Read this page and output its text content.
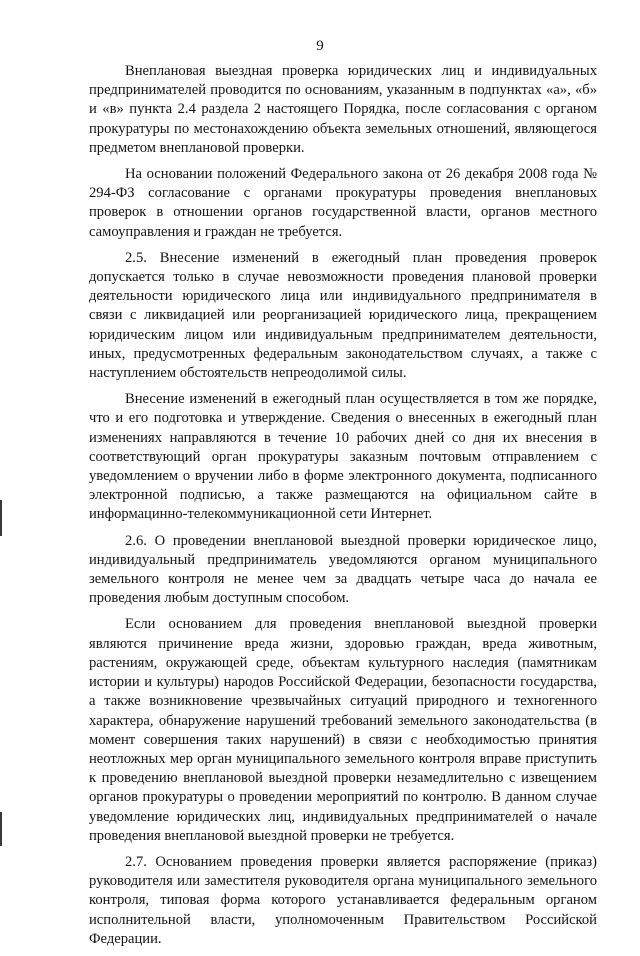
9

Внеплановая выездная проверка юридических лиц и индивидуальных предпринимателей проводится по основаниям, указанным в подпунктах «а», «б» и «в» пункта 2.4 раздела 2 настоящего Порядка, после согласования с органом прокуратуры по местонахождению объекта земельных отношений, являющегося предметом внеплановой проверки.

На основании положений Федерального закона от 26 декабря 2008 года № 294-ФЗ согласование с органами прокуратуры проведения внеплановых проверок в отношении органов государственной власти, органов местного самоуправления и граждан не требуется.

2.5. Внесение изменений в ежегодный план проведения проверок допускается только в случае невозможности проведения плановой проверки деятельности юридического лица или индивидуального предпринимателя в связи с ликвидацией или реорганизацией юридического лица, прекращением юридическим лицом или индивидуальным предпринимателем деятельности, иных, предусмотренных федеральным законодательством случаях, а также с наступлением обстоятельств непреодолимой силы.

Внесение изменений в ежегодный план осуществляется в том же порядке, что и его подготовка и утверждение. Сведения о внесенных в ежегодный план изменениях направляются в течение 10 рабочих дней со дня их внесения в соответствующий орган прокуратуры заказным почтовым отправлением с уведомлением о вручении либо в форме электронного документа, подписанного электронной подписью, а также размещаются на официальном сайте в информацинно-телекоммуникационной сети Интернет.

2.6. О проведении внеплановой выездной проверки юридическое лицо, индивидуальный предприниматель уведомляются органом муниципального земельного контроля не менее чем за двадцать четыре часа до начала ее проведения любым доступным способом.

Если основанием для проведения внеплановой выездной проверки являются причинение вреда жизни, здоровью граждан, вреда животным, растениям, окружающей среде, объектам культурного наследия (памятникам истории и культуры) народов Российской Федерации, безопасности государства, а также возникновение чрезвычайных ситуаций природного и техногенного характера, обнаружение нарушений требований земельного законодательства (в момент совершения таких нарушений) в связи с необходимостью принятия неотложных мер орган муниципального земельного контроля вправе приступить к проведению внеплановой выездной проверки незамедлительно с извещением органов прокуратуры о проведении мероприятий по контролю. В данном случае уведомление юридических лиц, индивидуальных предпринимателей о начале проведения внеплановой выездной проверки не требуется.

2.7. Основанием проведения проверки является распоряжение (приказ) руководителя или заместителя руководителя органа муниципального земельного контроля, типовая форма которого устанавливается федеральным органом исполнительной власти, уполномоченным Правительством Российской Федерации.
